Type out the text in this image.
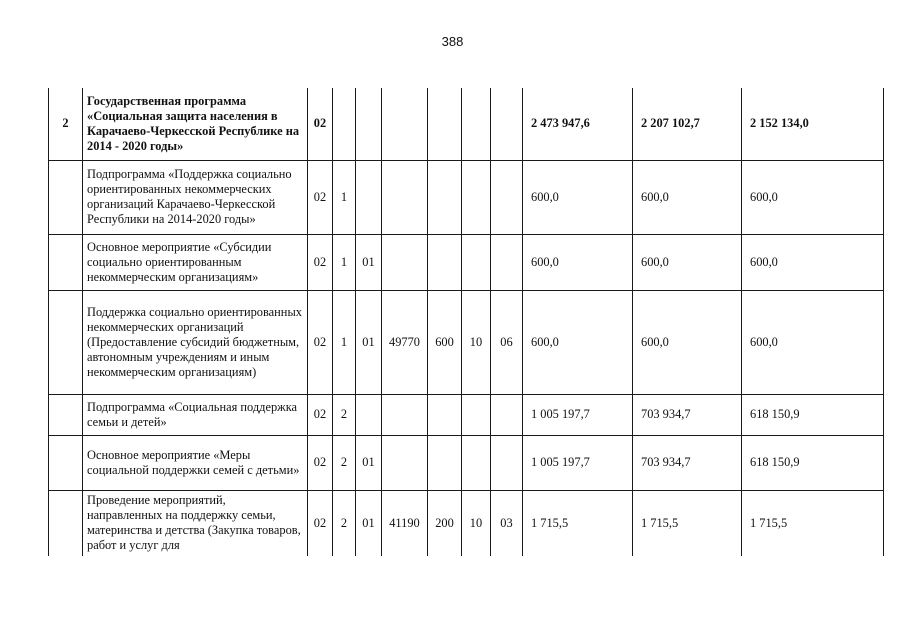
388
2	Государственная программа «Социальная защита населения в Карачаево-Черкесской Республике на 2014 - 2020 годы»	02							2 473 947,6	2 207 102,7	2 152 134,0
	Подпрограмма «Поддержка социально ориентированных некоммерческих организаций Карачаево-Черкесской Республики на 2014-2020 годы»	02	1						600,0	600,0	600,0
	Основное мероприятие «Субсидии социально ориентированным некоммерческим организациям»	02	1	01					600,0	600,0	600,0
	Поддержка социально ориентированных некоммерческих организаций (Предоставление субсидий бюджетным, автономным учреждениям и иным некоммерческим организациям)	02	1	01	49770	600	10	06	600,0	600,0	600,0
	Подпрограмма «Социальная поддержка семьи и детей»	02	2						1 005 197,7	703 934,7	618 150,9
	Основное мероприятие «Меры социальной поддержки семей с детьми»	02	2	01					1 005 197,7	703 934,7	618 150,9
	Проведение мероприятий, направленных на поддержку семьи, материнства и детства (Закупка товаров, работ и услуг для	02	2	01	41190	200	10	03	1 715,5	1 715,5	1 715,5
